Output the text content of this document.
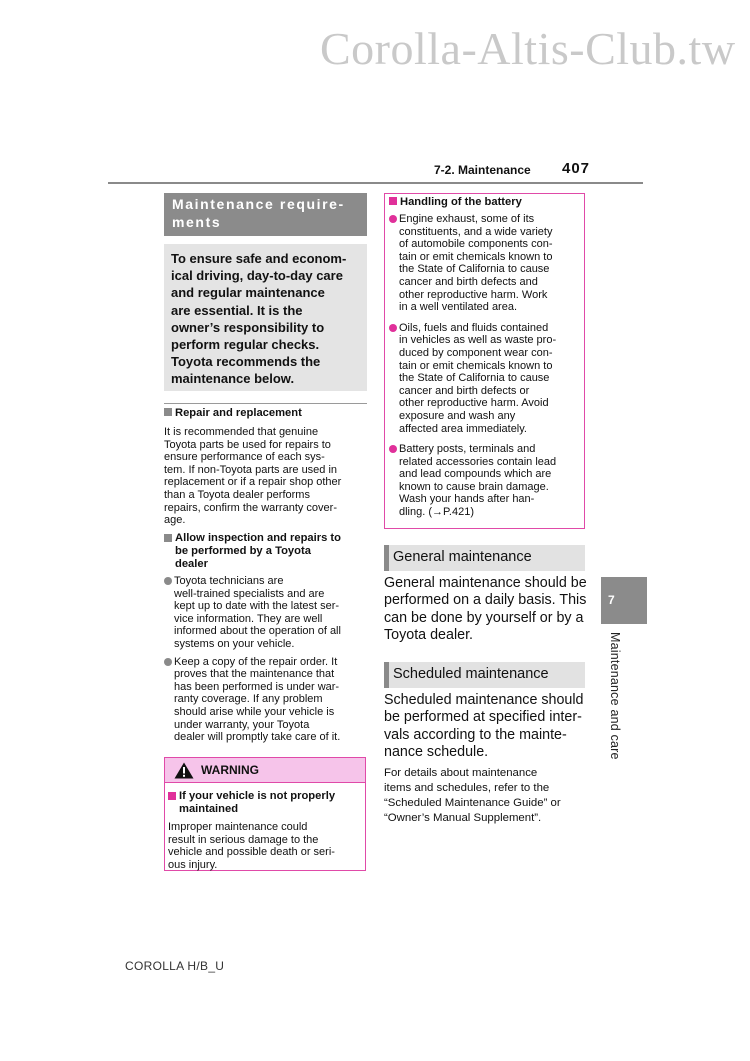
Corolla-Altis-Club.tw
7-2. Maintenance 407
Maintenance require-
ments
To ensure safe and econom-
ical driving, day-to-day care
and regular maintenance
are essential. It is the
owner’s responsibility to
perform regular checks.
Toyota recommends the
maintenance below.
Repair and replacement
It is recommended that genuine
Toyota parts be used for repairs to
ensure performance of each sys-
tem. If non-Toyota parts are used in
replacement or if a repair shop other
than a Toyota dealer performs
repairs, confirm the warranty cover-
age.
Allow inspection and repairs to
be performed by a Toyota
dealer
Toyota technicians are
well-trained specialists and are
kept up to date with the latest ser-
vice information. They are well
informed about the operation of all
systems on your vehicle.
Keep a copy of the repair order. It
proves that the maintenance that
has been performed is under war-
ranty coverage. If any problem
should arise while your vehicle is
under warranty, your Toyota
dealer will promptly take care of it.
WARNING
If your vehicle is not properly
maintained
Improper maintenance could
result in serious damage to the
vehicle and possible death or seri-
ous injury.
Handling of the battery
Engine exhaust, some of its
constituents, and a wide variety
of automobile components con-
tain or emit chemicals known to
the State of California to cause
cancer and birth defects and
other reproductive harm. Work
in a well ventilated area.
Oils, fuels and fluids contained
in vehicles as well as waste pro-
duced by component wear con-
tain or emit chemicals known to
the State of California to cause
cancer and birth defects or
other reproductive harm. Avoid
exposure and wash any
affected area immediately.
Battery posts, terminals and
related accessories contain lead
and lead compounds which are
known to cause brain damage.
Wash your hands after han-
dling. (→P.421)
General maintenance
General maintenance should be
performed on a daily basis. This
can be done by yourself or by a
Toyota dealer.
Scheduled maintenance
Scheduled maintenance should
be performed at specified inter-
vals according to the mainte-
nance schedule.
For details about maintenance
items and schedules, refer to the
“Scheduled Maintenance Guide” or
“Owner’s Manual Supplement”.
7
Maintenance and care
COROLLA H/B_U
